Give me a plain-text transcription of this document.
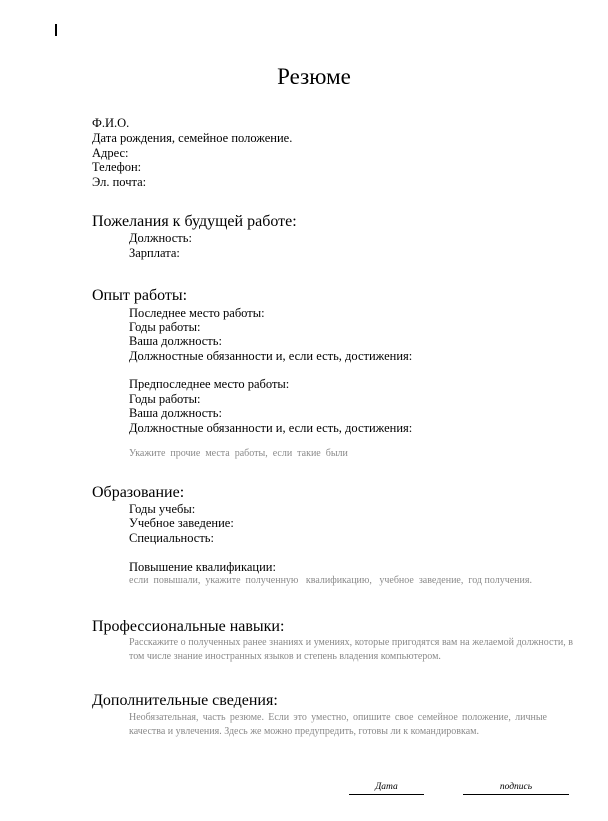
Резюме
Ф.И.О.
Дата рождения, семейное положение.
Адрес:
Телефон:
Эл. почта:
Пожелания к будущей работе:
Должность:
Зарплата:
Опыт работы:
Последнее место работы:
Годы работы:
Ваша должность:
Должностные обязанности и, если есть, достижения:
Предпоследнее место работы:
Годы работы:
Ваша должность:
Должностные обязанности и, если есть, достижения:
Укажите  прочие  места  работы,  если  такие  были
Образование:
Годы учебы:
Учебное заведение:
Специальность:
Повышение квалификации:
если  повышали,  укажите  полученную   квалификацию,   учебное  заведение,  год получения.
Профессиональные навыки:
Расскажите о полученных ранее знаниях и умениях, которые пригодятся вам на желаемой должности, в том числе знание иностранных языков и степень владения компьютером.
Дополнительные сведения:
Необязательная, часть резюме. Если это уместно, опишите свое семейное положение, личные качества и увлечения. Здесь же можно предупредить, готовы ли к командировкам.
Дата	подпись
